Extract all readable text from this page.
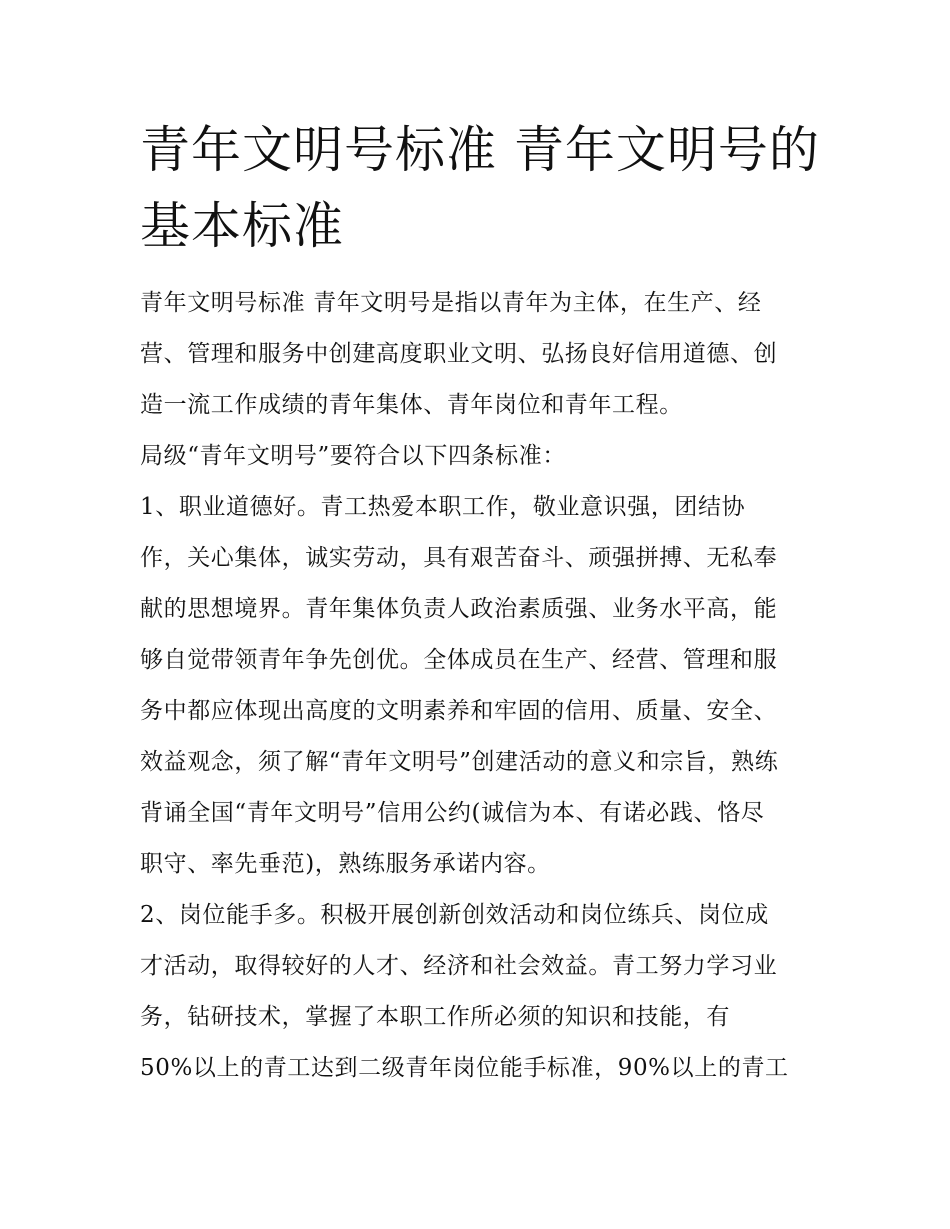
青年文明号标准 青年文明号的
基本标准
青年文明号标准 青年文明号是指以青年为主体，在生产、经
营、管理和服务中创建高度职业文明、弘扬良好信用道德、创
造一流工作成绩的青年集体、青年岗位和青年工程。
局级“青年文明号”要符合以下四条标准：
1、职业道德好。青工热爱本职工作，敬业意识强，团结协
作，关心集体，诚实劳动，具有艰苦奋斗、顽强拼搏、无私奉
献的思想境界。青年集体负责人政治素质强、业务水平高，能
够自觉带领青年争先创优。全体成员在生产、经营、管理和服
务中都应体现出高度的文明素养和牢固的信用、质量、安全、
效益观念，须了解“青年文明号”创建活动的意义和宗旨，熟练
背诵全国“青年文明号”信用公约(诚信为本、有诺必践、恪尽
职守、率先垂范)，熟练服务承诺内容。
2、岗位能手多。积极开展创新创效活动和岗位练兵、岗位成
才活动，取得较好的人才、经济和社会效益。青工努力学习业
务，钻研技术，掌握了本职工作所必须的知识和技能，有
50%以上的青工达到二级青年岗位能手标准，90%以上的青工
